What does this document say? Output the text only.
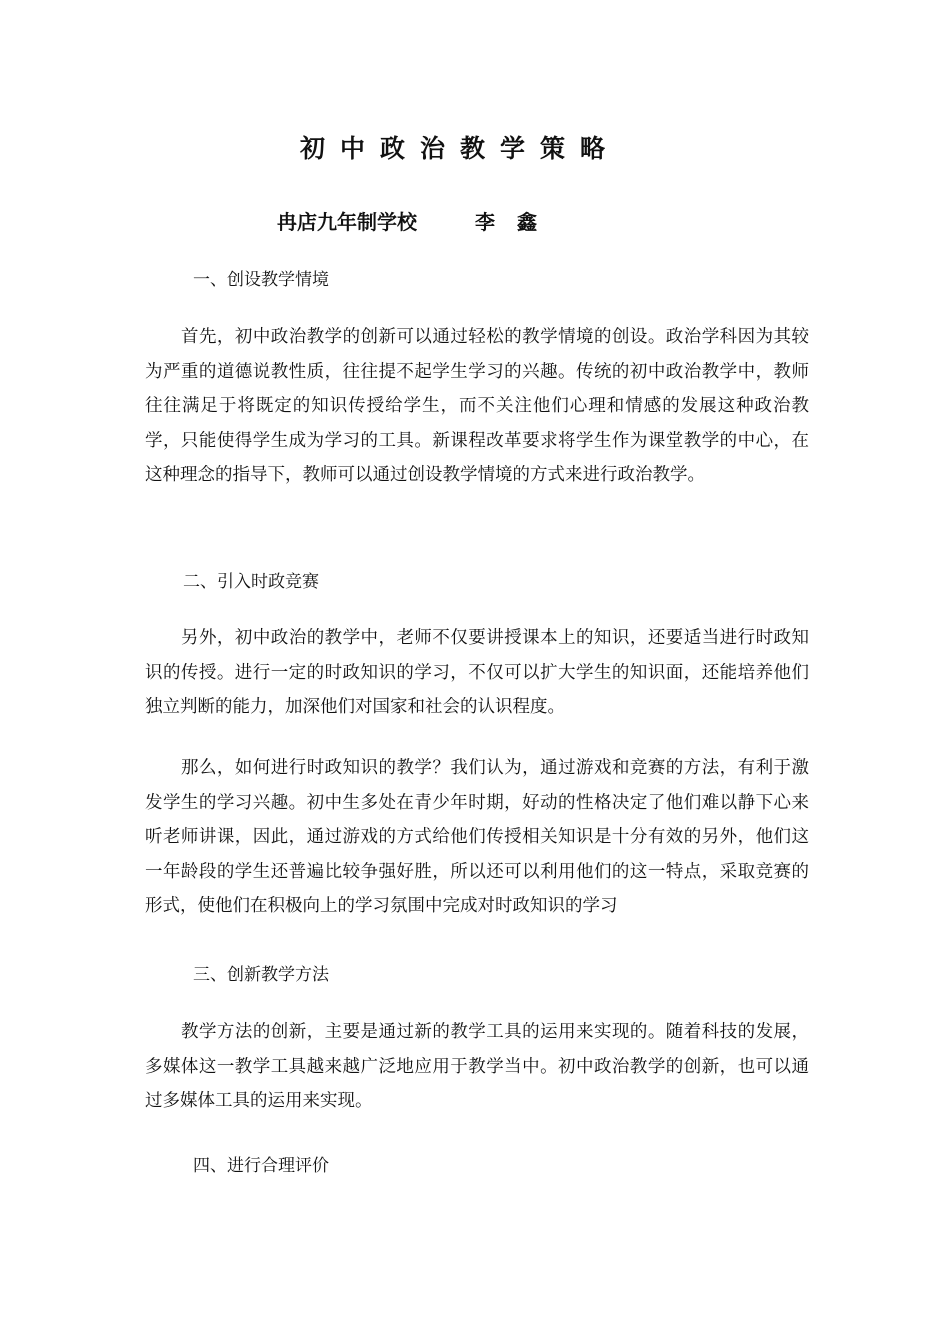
初中政治教学策略
冉店九年制学校	李鑫
一、创设教学情境

首先，初中政治教学的创新可以通过轻松的教学情境的创设。政治学科因为其较为严重的道德说教性质，往往提不起学生学习的兴趣。传统的初中政治教学中，教师往往满足于将既定的知识传授给学生，而不关注他们心理和情感的发展这种政治教学，只能使得学生成为学习的工具。新课程改革要求将学生作为课堂教学的中心，在这种理念的指导下，教师可以通过创设教学情境的方式来进行政治教学。

二、引入时政竞赛

另外，初中政治的教学中，老师不仅要讲授课本上的知识，还要适当进行时政知识的传授。进行一定的时政知识的学习，不仅可以扩大学生的知识面，还能培养他们独立判断的能力，加深他们对国家和社会的认识程度。

那么，如何进行时政知识的教学？我们认为，通过游戏和竞赛的方法，有利于激发学生的学习兴趣。初中生多处在青少年时期，好动的性格决定了他们难以静下心来听老师讲课，因此，通过游戏的方式给他们传授相关知识是十分有效的另外，他们这一年龄段的学生还普遍比较争强好胜，所以还可以利用他们的这一特点，采取竞赛的形式，使他们在积极向上的学习氛围中完成对时政知识的学习

三、创新教学方法

教学方法的创新，主要是通过新的教学工具的运用来实现的。随着科技的发展，多媒体这一教学工具越来越广泛地应用于教学当中。初中政治教学的创新，也可以通过多媒体工具的运用来实现。

四、进行合理评价
